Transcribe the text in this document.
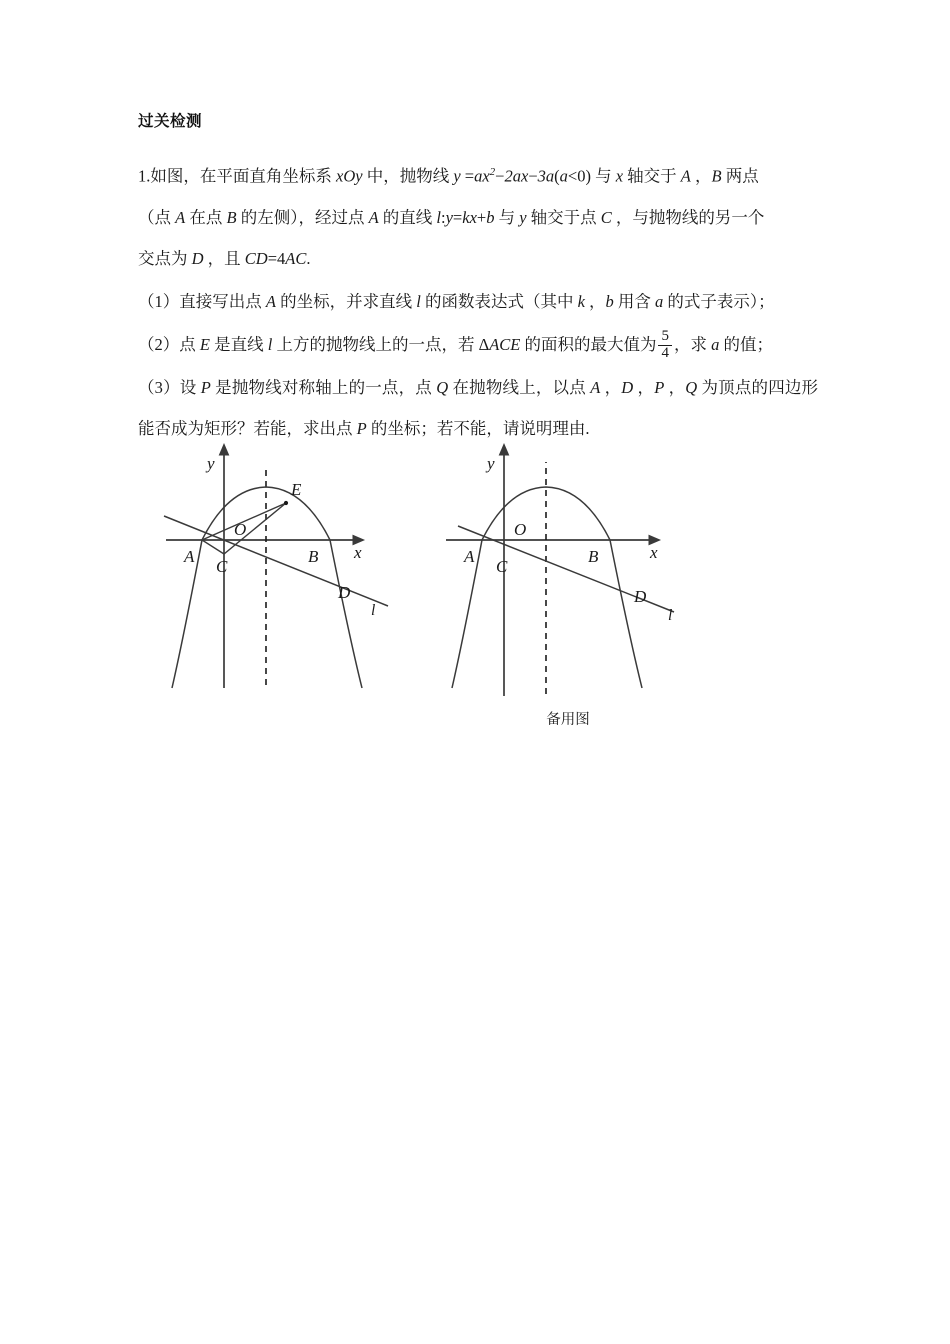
过关检测

1.如图，在平面直角坐标系 xOy 中，抛物线 $y =ax^2-2ax-3a(a<0)$ 与 x 轴交于 A ，B 两点

（点 A 在点 B 的左侧），经过点 A 的直线 l:y=kx+b 与 y 轴交于点 C ，与抛物线的另一个

交点为 D ，且 CD=4AC.

（1）直接写出点 A 的坐标，并求直线 l 的函数表达式（其中 k ，b 用含 a 的式子表示）；

（2）点 E 是直线 l 上方的抛物线上的一点，若 ΔACE 的面积的最大值为 $\frac{5}{4}$ ，求 a 的值；

（3）设 P 是抛物线对称轴上的一点，点 Q 在抛物线上，以点 A ，D ，P ，Q 为顶点的四边形能否成为矩形？若能，求出点 P 的坐标；若不能，请说明理由.

y
x
O
A	B
C
D
E
l
y
x
O
A	B
C
D
l
备用图
